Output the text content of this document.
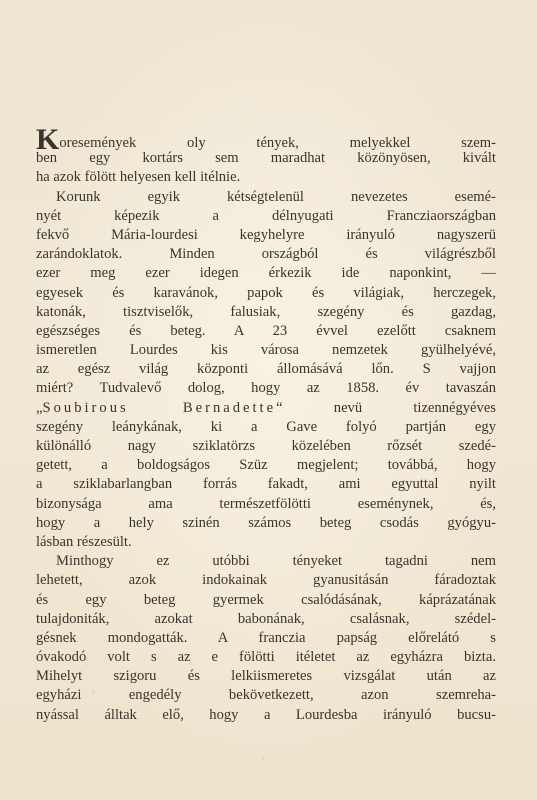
Koresemények oly tények, melyekkel szem-
ben egy kortárs sem maradhat közönyösen, kivált
ha azok fölött helyesen kell itélnie.
Korunk egyik kétségtelenül nevezetes esemé-
nyét képezik a délnyugati Francziaországban
fekvő Mária-lourdesi kegyhelyre irányuló nagyszerü
zarándoklatok. Minden országból és világrészből
ezer meg ezer idegen érkezik ide naponkint, —
egyesek és karavánok, papok és világiak, herczegek,
katonák, tisztviselők, falusiak, szegény és gazdag,
egészséges és beteg. A 23 évvel ezelőtt csaknem
ismeretlen Lourdes kis városa nemzetek gyülhelyévé,
az egész világ központi állomásává lőn. S vajjon
miért? Tudvalevő dolog, hogy az 1858. év tavaszán
„Soubirous Bernadette“ nevü tizennégyéves
szegény leánykának, ki a Gave folyó partján egy
különálló nagy sziklatörzs közelében rőzsét szedé-
getett, a boldogságos Szüz megjelent; továbbá, hogy
a sziklabarlangban forrás fakadt, ami egyuttal nyilt
bizonysága ama természetfölötti eseménynek, és,
hogy a hely szinén számos beteg csodás gyógyu-
lásban részesült.
Minthogy ez utóbbi tényeket tagadni nem
lehetett, azok indokainak gyanusitásán fáradoztak
és egy beteg gyermek csalódásának, káprázatának
tulajdoniták, azokat babonának, csalásnak, szédel-
gésnek mondogatták. A franczia papság előrelátó s
óvakodó volt s az e fölötti itéletet az egyházra bizta.
Mihelyt szigoru és lelkiismeretes vizsgálat után az
egyházi engedély bekövetkezett, azon szemreha-
nyással álltak elő, hogy a Lourdesba irányuló bucsu-
